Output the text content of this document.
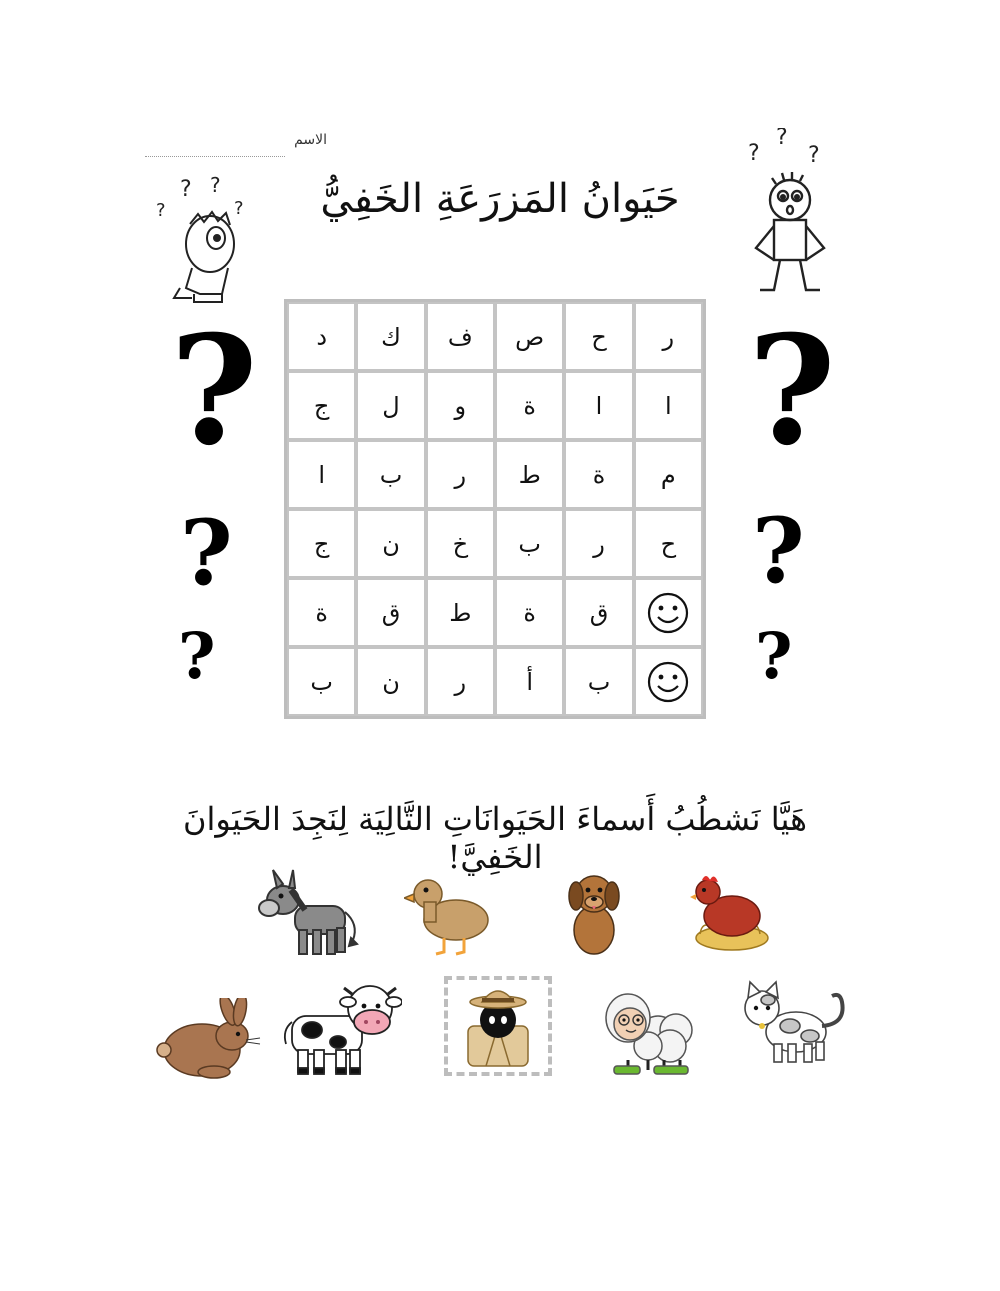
الاسم
حَيَوانُ المَزرَعَةِ الخَفِيُّ
? ?
?
?
?
?
?
?
?
?
?
?
?
ر
ح
ص
ف
ك
د
ا
ا
ة
و
ل
ج
م
ة
ط
ر
ب
ا
ح
ر
ب
خ
ن
ج
ق
ة
ط
ق
ة
ب
أ
ر
ن
ب
هَيَّا نَشطُبُ أَسماءَ الحَيَوانَاتِ التَّالِيَة لِنَجِدَ الحَيَوانَ الخَفِيَّ!
